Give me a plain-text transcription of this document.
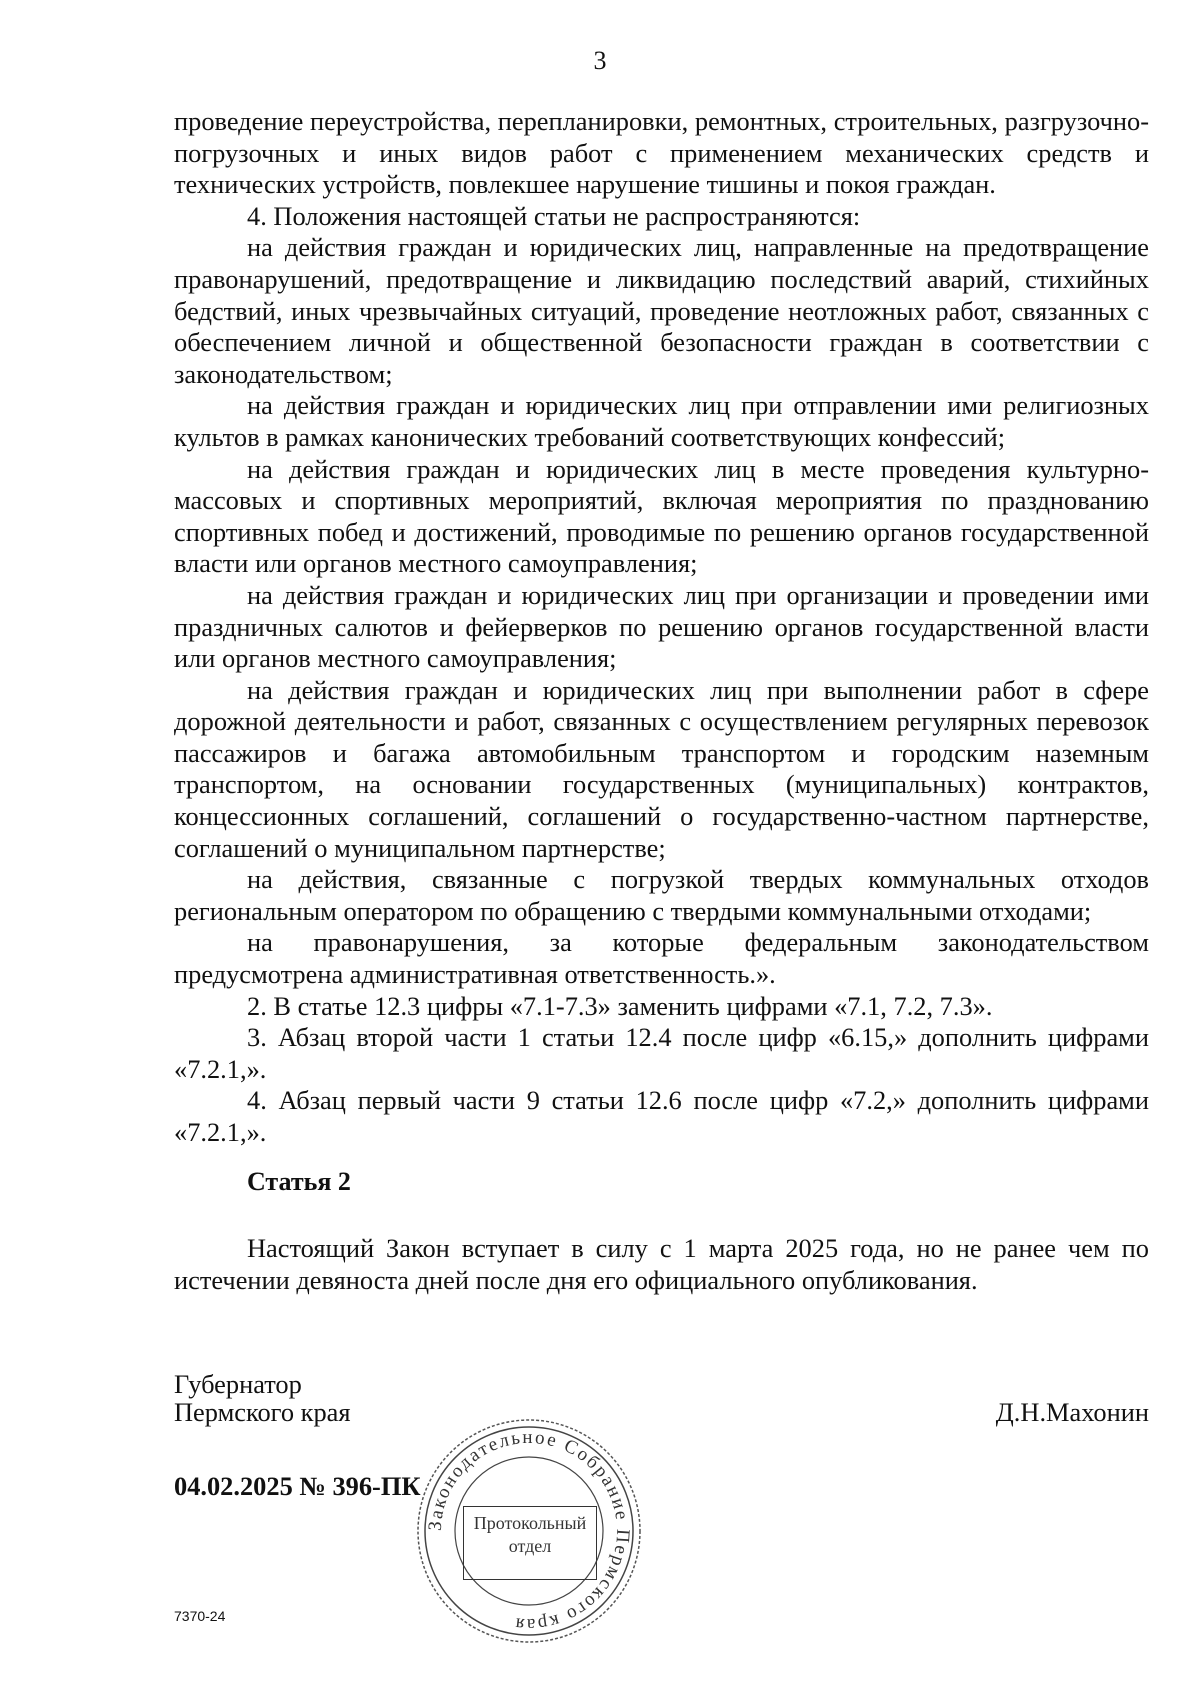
3

проведение переустройства, перепланировки, ремонтных, строительных, разгрузочно-погрузочных и иных видов работ с применением механических средств и технических устройств, повлекшее нарушение тишины и покоя граждан.

4. Положения настоящей статьи не распространяются:

на действия граждан и юридических лиц, направленные на предотвращение правонарушений, предотвращение и ликвидацию последствий аварий, стихийных бедствий, иных чрезвычайных ситуаций, проведение неотложных работ, связанных с обеспечением личной и общественной безопасности граждан в соответствии с законодательством;

на действия граждан и юридических лиц при отправлении ими религиозных культов в рамках канонических требований соответствующих конфессий;

на действия граждан и юридических лиц в месте проведения культурно-массовых и спортивных мероприятий, включая мероприятия по празднованию спортивных побед и достижений, проводимые по решению органов государственной власти или органов местного самоуправления;

на действия граждан и юридических лиц при организации и проведении ими праздничных салютов и фейерверков по решению органов государственной власти или органов местного самоуправления;

на действия граждан и юридических лиц при выполнении работ в сфере дорожной деятельности и работ, связанных с осуществлением регулярных перевозок пассажиров и багажа автомобильным транспортом и городским наземным транспортом, на основании государственных (муниципальных) контрактов, концессионных соглашений, соглашений о государственно-частном партнерстве, соглашений о муниципальном партнерстве;

на действия, связанные с погрузкой твердых коммунальных отходов региональным оператором по обращению с твердыми коммунальными отходами;

на правонарушения, за которые федеральным законодательством предусмотрена административная ответственность.».

2. В статье 12.3 цифры «7.1-7.3» заменить цифрами «7.1, 7.2, 7.3».

3. Абзац второй части 1 статьи 12.4 после цифр «6.15,» дополнить цифрами «7.2.1,».

4. Абзац первый части 9 статьи 12.6 после цифр «7.2,» дополнить цифрами «7.2.1,».

Статья 2

Настоящий Закон вступает в силу с 1 марта 2025 года, но не ранее чем по истечении девяноста дней после дня его официального опубликования.

Губернатор
Пермского края	Д.Н.Махонин
04.02.2025 № 396-ПК
7370-24
Законодательное Собрание Пермского края
Протокольный
отдел
